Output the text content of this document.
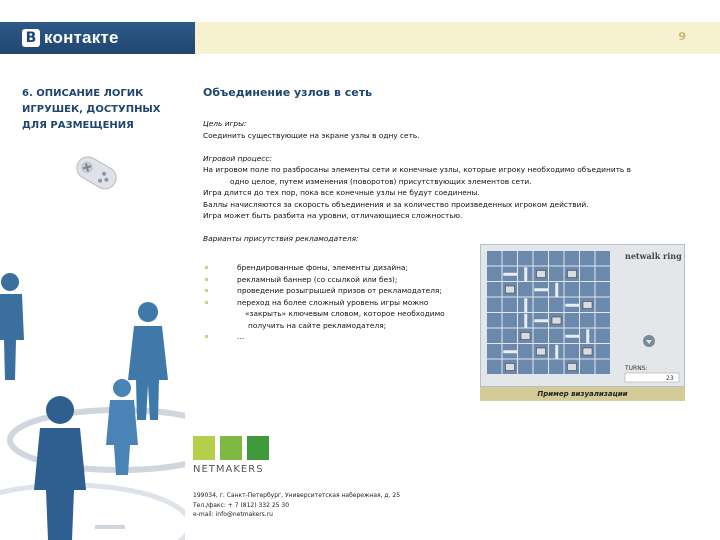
В контакте	9
6. ОПИСАНИЕ ЛОГИК ИГРУШЕК, ДОСТУПНЫХ ДЛЯ РАЗМЕЩЕНИЯ
Объединение узлов в сеть
Цель игры:
Соединить существующие на экране узлы в одну сеть.
Игровой процесс:
На игровом поле по разбросаны элементы сети и конечные узлы, которые игроку необходимо объединить в
одно целое, путем изменения (поворотов) присутствующих элементов сети.
Игра длится до тех пор, пока все конечные узлы не будут соединены.
Баллы начисляются за скорость объединения и за количество произведенных игроком действий.
Игра может быть разбита на уровни, отличающиеся сложностью.
Варианты присутствия рекламодателя:
брендированные фоны, элементы дизайна;
рекламный баннер (со ссылкой или без);
проведение розыгрышей призов от рекламодателя;
переход на более сложный уровень игры можно
«закрыть» ключевым словом, которое необходимо
получить на сайте рекламодателя;
…
netwalk ring
TURNS:
23
Пример визуализации
NETMAKERS
199034, г. Санкт-Петербург, Университетская набережная, д. 25
Тел./факс: + 7 (812) 332 25 30
e-mail: info@netmakers.ru
